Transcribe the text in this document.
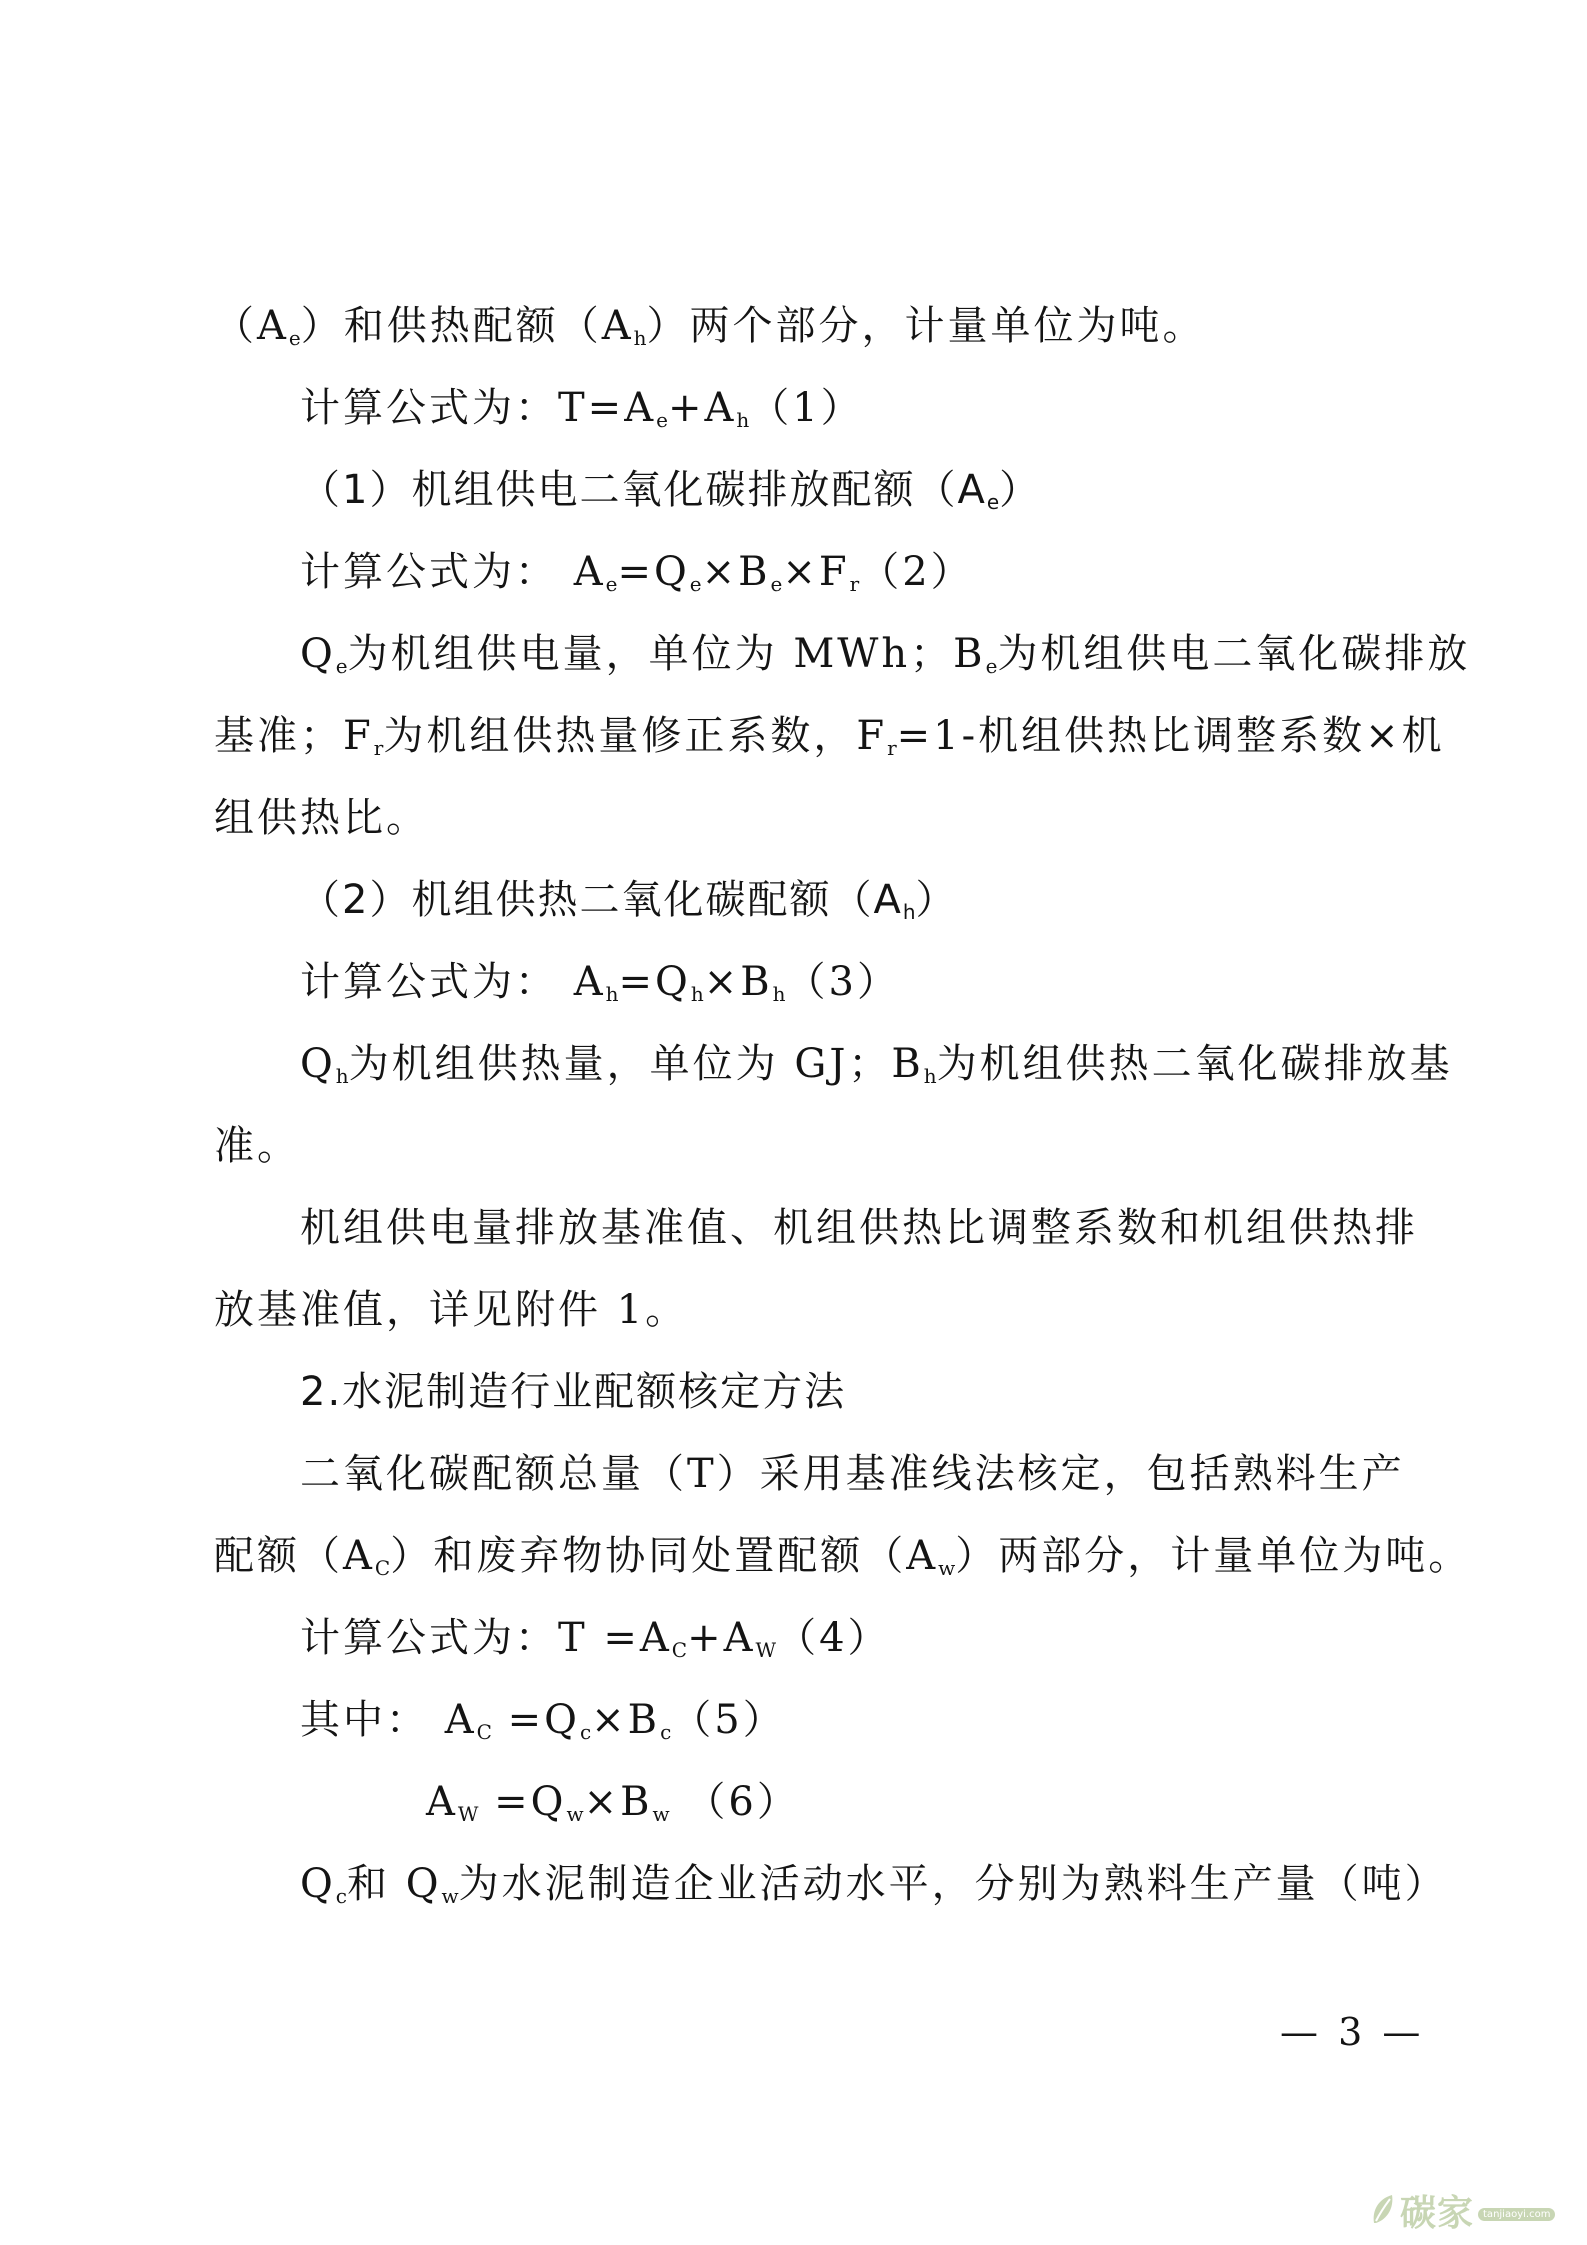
$(A_e)$和供热配额$(A_h)$两个部分，计量单位为吨。
计算公式为：$T=A_e+A_h(1)$
（1）机组供电二氧化碳排放配额$(A_e)$
计算公式为： $A_e=Q_e\times B_e\times F_r(2)$
$Q_e$为机组供电量，单位为 MWh；$B_e$为机组供电二氧化碳排放
基准；$F_r$为机组供热量修正系数，$F_r=1-$机组供热比调整系数×机
组供热比。
（2）机组供热二氧化碳配额$(A_h)$
计算公式为： $A_h=Q_h\times B_h(3)$
$Q_h$为机组供热量，单位为 GJ；$B_h$为机组供热二氧化碳排放基
准。
机组供电量排放基准值、机组供热比调整系数和机组供热排
放基准值，详见附件 1。
2.水泥制造行业配额核定方法
二氧化碳配额总量（T）采用基准线法核定，包括熟料生产
配额$(A_C)$和废弃物协同处置配额$(A_w)$两部分，计量单位为吨。
计算公式为：$T =A_C+A_W(4)$
其中： $A_C =Q_c\times B_c(5)$
$A_W =Q_w\times B_w$ （6）
$Q_c$和 $Q_w$为水泥制造企业活动水平，分别为熟料生产量（吨）
— 3 —
碳家 tanjiaoyi.com
